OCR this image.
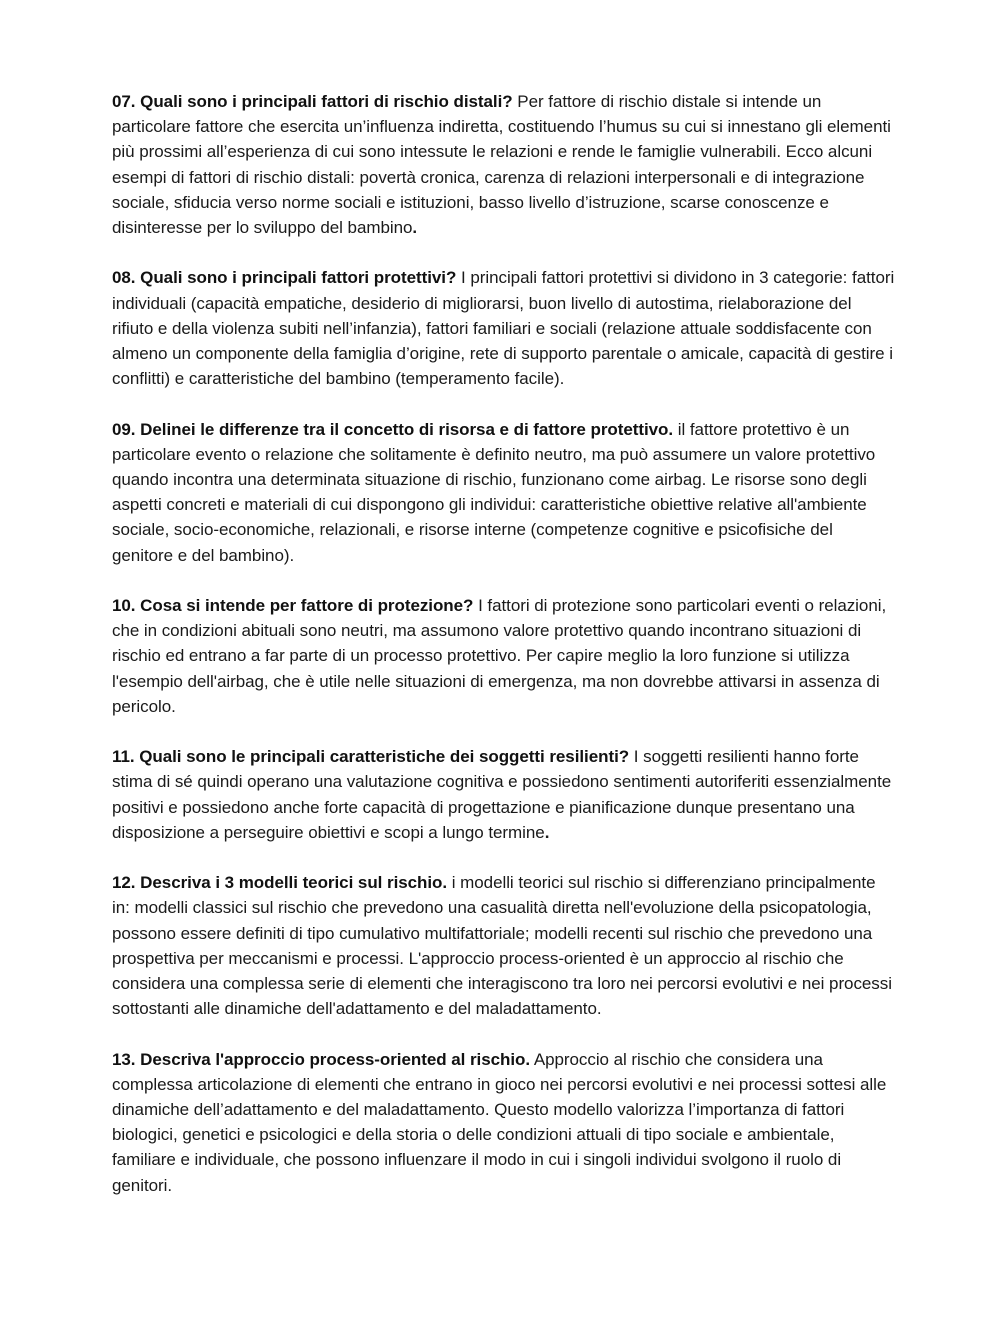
07. Quali sono i principali fattori di rischio distali? Per fattore di rischio distale si intende un particolare fattore che esercita un’influenza indiretta, costituendo l’humus su cui si innestano gli elementi più prossimi all’esperienza di cui sono intessute le relazioni e rende le famiglie vulnerabili. Ecco alcuni esempi di fattori di rischio distali: povertà cronica, carenza di relazioni interpersonali e di integrazione sociale, sfiducia verso norme sociali e istituzioni, basso livello d’istruzione, scarse conoscenze e disinteresse per lo sviluppo del bambino.

08. Quali sono i principali fattori protettivi? I principali fattori protettivi si dividono in 3 categorie: fattori individuali (capacità empatiche, desiderio di migliorarsi, buon livello di autostima, rielaborazione del rifiuto e della violenza subiti nell’infanzia), fattori familiari e sociali (relazione attuale soddisfacente con almeno un componente della famiglia d’origine, rete di supporto parentale o amicale, capacità di gestire i conflitti) e caratteristiche del bambino (temperamento facile).

09. Delinei le differenze tra il concetto di risorsa e di fattore protettivo. il fattore protettivo è un particolare evento o relazione che solitamente è definito neutro, ma può assumere un valore protettivo quando incontra una determinata situazione di rischio, funzionano come airbag. Le risorse sono degli aspetti concreti e materiali di cui dispongono gli individui: caratteristiche obiettive relative all'ambiente sociale, socio-economiche, relazionali, e risorse interne (competenze cognitive e psicofisiche del genitore e del bambino).

10. Cosa si intende per fattore di protezione? I fattori di protezione sono particolari eventi o relazioni, che in condizioni abituali sono neutri, ma assumono valore protettivo quando incontrano situazioni di rischio ed entrano a far parte di un processo protettivo. Per capire meglio la loro funzione si utilizza l'esempio dell'airbag, che è utile nelle situazioni di emergenza, ma non dovrebbe attivarsi in assenza di pericolo.

11. Quali sono le principali caratteristiche dei soggetti resilienti? I soggetti resilienti hanno forte stima di sé quindi operano una valutazione cognitiva e possiedono sentimenti autoriferiti essenzialmente positivi e possiedono anche forte capacità di progettazione e pianificazione dunque presentano una disposizione a perseguire obiettivi e scopi a lungo termine.

12. Descriva i 3 modelli teorici sul rischio. i modelli teorici sul rischio si differenziano principalmente in: modelli classici sul rischio che prevedono una casualità diretta nell'evoluzione della psicopatologia, possono essere definiti di tipo cumulativo multifattoriale; modelli recenti sul rischio che prevedono una prospettiva per meccanismi e processi. L'approccio process-oriented è un approccio al rischio che considera una complessa serie di elementi che interagiscono tra loro nei percorsi evolutivi e nei processi sottostanti alle dinamiche dell'adattamento e del maladattamento.

13. Descriva l'approccio process-oriented al rischio. Approccio al rischio che considera una complessa articolazione di elementi che entrano in gioco nei percorsi evolutivi e nei processi sottesi alle dinamiche dell’adattamento e del maladattamento. Questo modello valorizza l’importanza di fattori biologici, genetici e psicologici e della storia o delle condizioni attuali di tipo sociale e ambientale, familiare e individuale, che possono influenzare il modo in cui i singoli individui svolgono il ruolo di genitori.
